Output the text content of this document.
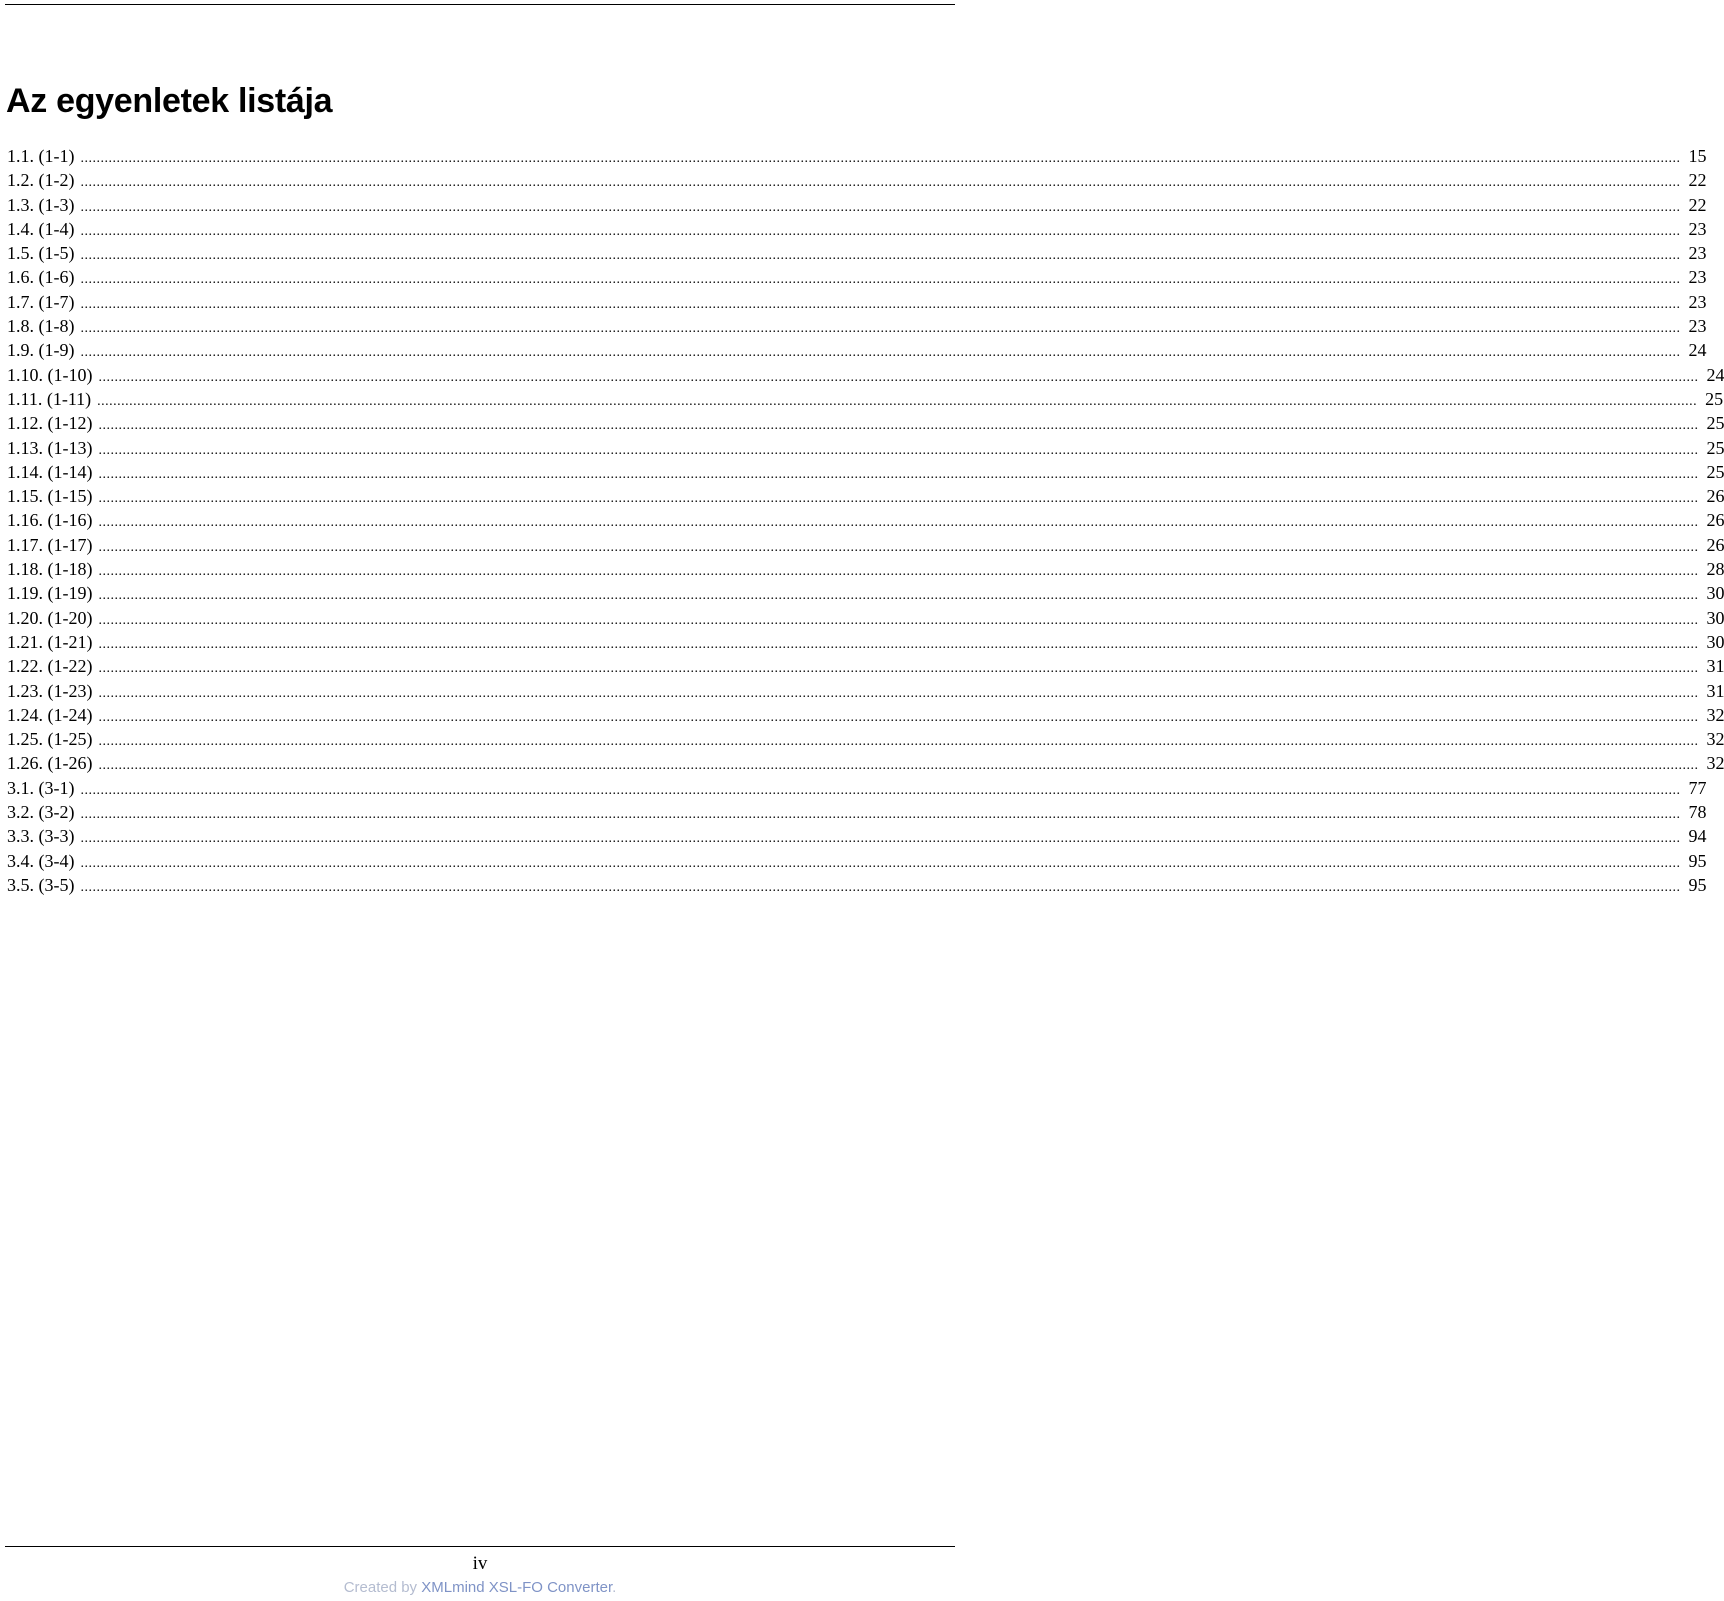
Az egyenletek listája
1.1. (1-1) ................................................................................................................................................................................................................................................................................................................................................................................................................ 15
1.2. (1-2) ................................................................................................................................................................................................................................................................................................................................................................................................................ 22
1.3. (1-3) ................................................................................................................................................................................................................................................................................................................................................................................................................ 22
1.4. (1-4) ................................................................................................................................................................................................................................................................................................................................................................................................................ 23
1.5. (1-5) ................................................................................................................................................................................................................................................................................................................................................................................................................ 23
1.6. (1-6) ................................................................................................................................................................................................................................................................................................................................................................................................................ 23
1.7. (1-7) ................................................................................................................................................................................................................................................................................................................................................................................................................ 23
1.8. (1-8) ................................................................................................................................................................................................................................................................................................................................................................................................................ 23
1.9. (1-9) ................................................................................................................................................................................................................................................................................................................................................................................................................ 24
1.10. (1-10) ................................................................................................................................................................................................................................................................................................................................................................................................................ 24
1.11. (1-11) ................................................................................................................................................................................................................................................................................................................................................................................................................ 25
1.12. (1-12) ................................................................................................................................................................................................................................................................................................................................................................................................................ 25
1.13. (1-13) ................................................................................................................................................................................................................................................................................................................................................................................................................ 25
1.14. (1-14) ................................................................................................................................................................................................................................................................................................................................................................................................................ 25
1.15. (1-15) ................................................................................................................................................................................................................................................................................................................................................................................................................ 26
1.16. (1-16) ................................................................................................................................................................................................................................................................................................................................................................................................................ 26
1.17. (1-17) ................................................................................................................................................................................................................................................................................................................................................................................................................ 26
1.18. (1-18) ................................................................................................................................................................................................................................................................................................................................................................................................................ 28
1.19. (1-19) ................................................................................................................................................................................................................................................................................................................................................................................................................ 30
1.20. (1-20) ................................................................................................................................................................................................................................................................................................................................................................................................................ 30
1.21. (1-21) ................................................................................................................................................................................................................................................................................................................................................................................................................ 30
1.22. (1-22) ................................................................................................................................................................................................................................................................................................................................................................................................................ 31
1.23. (1-23) ................................................................................................................................................................................................................................................................................................................................................................................................................ 31
1.24. (1-24) ................................................................................................................................................................................................................................................................................................................................................................................................................ 32
1.25. (1-25) ................................................................................................................................................................................................................................................................................................................................................................................................................ 32
1.26. (1-26) ................................................................................................................................................................................................................................................................................................................................................................................................................ 32
3.1. (3-1) ................................................................................................................................................................................................................................................................................................................................................................................................................ 77
3.2. (3-2) ................................................................................................................................................................................................................................................................................................................................................................................................................ 78
3.3. (3-3) ................................................................................................................................................................................................................................................................................................................................................................................................................ 94
3.4. (3-4) ................................................................................................................................................................................................................................................................................................................................................................................................................ 95
3.5. (3-5) ................................................................................................................................................................................................................................................................................................................................................................................................................ 95
iv
Created by XMLmind XSL-FO Converter.
